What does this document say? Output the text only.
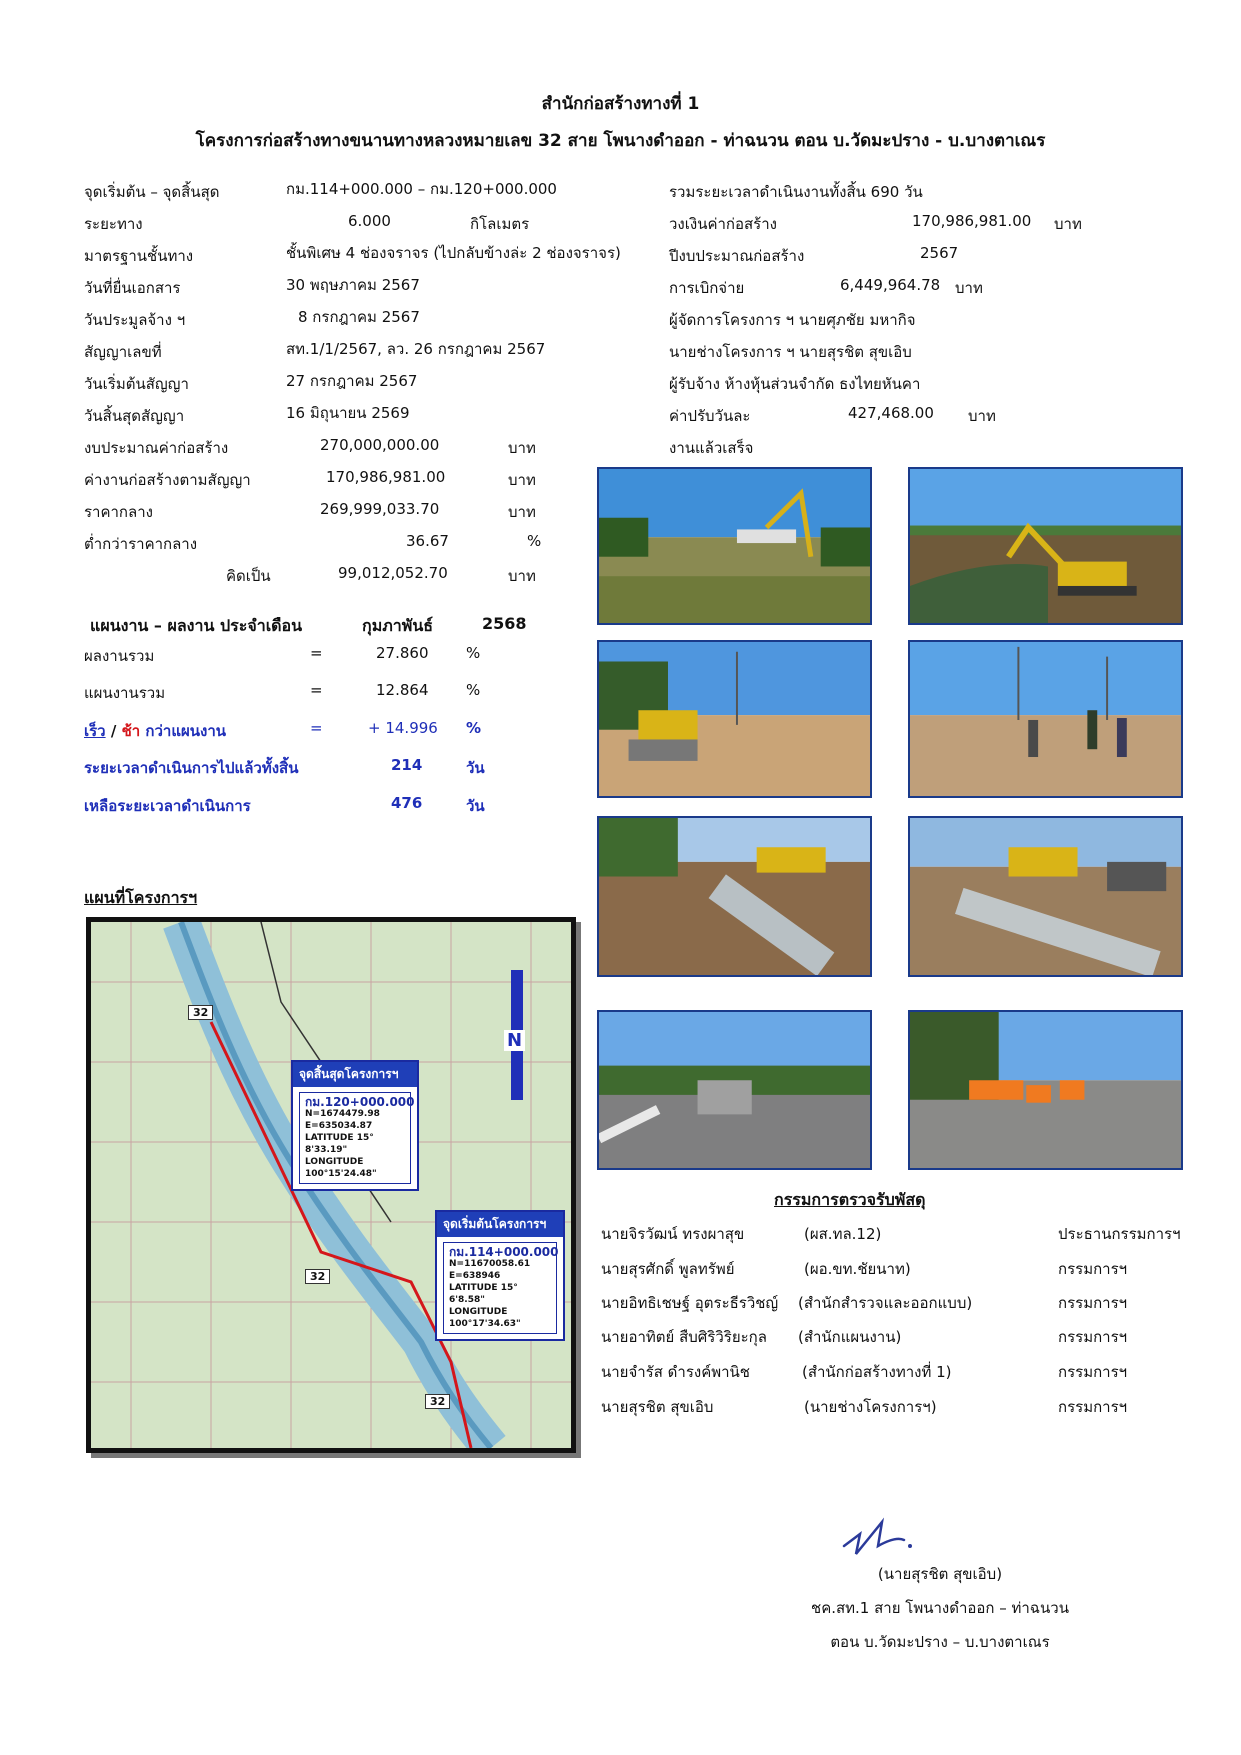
สำนักก่อสร้างทางที่ 1
โครงการก่อสร้างทางขนานทางหลวงหมายเลข 32 สาย โพนางดำออก - ท่าฉนวน ตอน บ.วัดมะปราง - บ.บางตาเณร
จุดเริ่มต้น – จุดสิ้นสุด	กม.114+000.000 – กม.120+000.000
ระยะทาง	6.000	กิโลเมตร
มาตรฐานชั้นทาง	ชั้นพิเศษ 4 ช่องจราจร (ไปกลับข้างล่ะ 2 ช่องจราจร)
วันที่ยื่นเอกสาร	30 พฤษภาคม 2567
วันประมูลจ้าง ฯ	8 กรกฎาคม 2567
สัญญาเลขที่	สท.1/1/2567, ลว. 26 กรกฎาคม 2567
วันเริ่มต้นสัญญา	27 กรกฎาคม 2567
วันสิ้นสุดสัญญา	16 มิถุนายน 2569
งบประมาณค่าก่อสร้าง	270,000,000.00	บาท
ค่างานก่อสร้างตามสัญญา	170,986,981.00	บาท
ราคากลาง	269,999,033.70	บาท
ต่ำกว่าราคากลาง	36.67	%
คิดเป็น	99,012,052.70	บาท
รวมระยะเวลาดำเนินงานทั้งสิ้น 690 วัน
วงเงินค่าก่อสร้าง	170,986,981.00 บาท
ปีงบประมาณก่อสร้าง	2567
การเบิกจ่าย	6,449,964.78 บาท
ผู้จัดการโครงการ ฯ นายศุภชัย มหากิจ
นายช่างโครงการ ฯ นายสุรชิต สุขเอิบ
ผู้รับจ้าง ห้างหุ้นส่วนจำกัด ธงไทยหันคา
ค่าปรับวันละ	427,468.00 บาท
งานแล้วเสร็จ
แผนงาน – ผลงาน ประจำเดือน	กุมภาพันธ์	2568
ผลงานรวม	=	27.860	%
แผนงานรวม	=	12.864	%
เร็ว / ช้า กว่าแผนงาน	=	+ 14.996 %
ระยะเวลาดำเนินการไปแล้วทั้งสิ้น	214	วัน
เหลือระยะเวลาดำเนินการ	476	วัน
แผนที่โครงการฯ
32
32
32
N
จุดสิ้นสุดโครงการฯ
กม.120+000.000
N=1674479.98
E=635034.87
LATITUDE 15° 8'33.19"
LONGITUDE 100°15'24.48"
จุดเริ่มต้นโครงการฯ
กม.114+000.000
N=11670058.61
E=638946
LATITUDE 15° 6'8.58"
LONGITUDE 100°17'34.63"
กรรมการตรวจรับพัสดุ
นายจิรวัฒน์ ทรงผาสุข	(ผส.ทล.12)	ประธานกรรมการฯ
นายสุรศักดิ์ พูลทรัพย์	(ผอ.ขท.ชัยนาท)	กรรมการฯ
นายอิทธิเชษฐ์ อุตระธีรวิชญ์ (สำนักสำรวจและออกแบบ)	กรรมการฯ
นายอาทิตย์ สืบศิริวิริยะกุล (สำนักแผนงาน)	กรรมการฯ
นายจำรัส ดำรงค์พานิช	(สำนักก่อสร้างทางที่ 1)	กรรมการฯ
นายสุรชิต สุขเอิบ	(นายช่างโครงการฯ)	กรรมการฯ
(นายสุรชิต สุขเอิบ)
ชค.สท.1 สาย โพนางดำออก – ท่าฉนวน
ตอน บ.วัดมะปราง – บ.บางตาเณร
